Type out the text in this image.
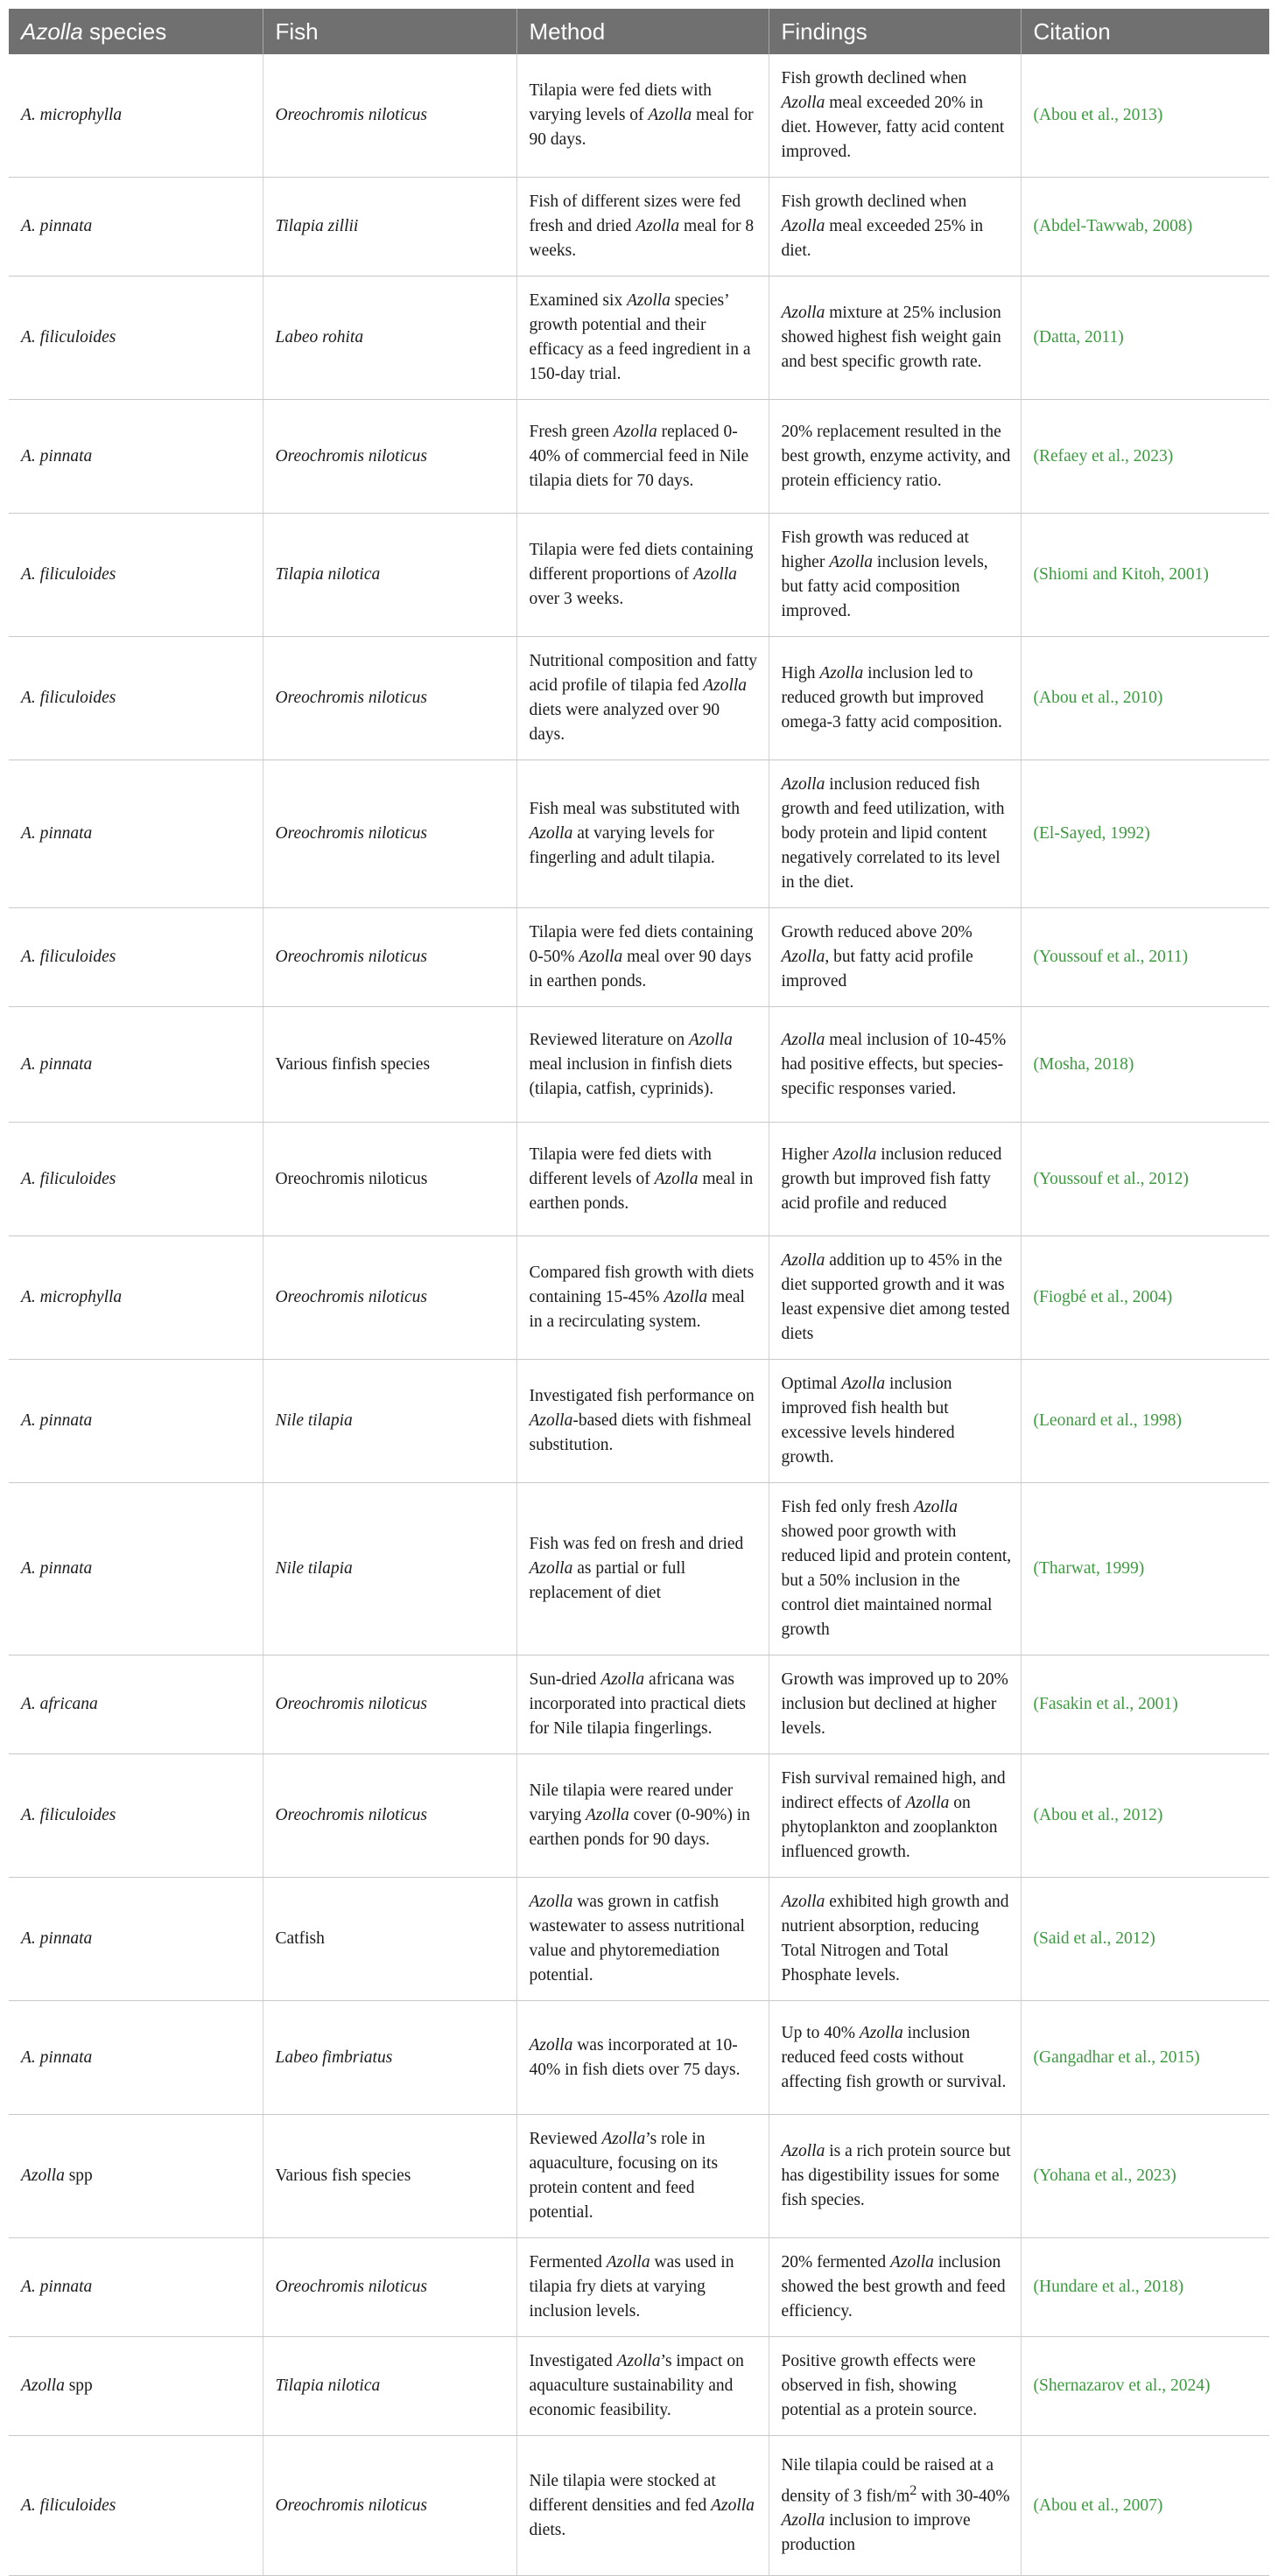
Azolla species	Fish	Method	Findings	Citation
A. microphylla	Oreochromis niloticus	Tilapia were fed diets with varying levels of Azolla meal for 90 days.	Fish growth declined when Azolla meal exceeded 20% in diet. However, fatty acid content improved.	(Abou et al., 2013)
A. pinnata	Tilapia zillii	Fish of different sizes were fed fresh and dried Azolla meal for 8 weeks.	Fish growth declined when Azolla meal exceeded 25% in diet.	(Abdel-Tawwab, 2008)
A. filiculoides	Labeo rohita	Examined six Azolla species’ growth potential and their efficacy as a feed ingredient in a 150-day trial.	Azolla mixture at 25% inclusion showed highest fish weight gain and best specific growth rate.	(Datta, 2011)
A. pinnata	Oreochromis niloticus	Fresh green Azolla replaced 0-40% of commercial feed in Nile tilapia diets for 70 days.	20% replacement resulted in the best growth, enzyme activity, and protein efficiency ratio.	(Refaey et al., 2023)
A. filiculoides	Tilapia nilotica	Tilapia were fed diets containing different proportions of Azolla over 3 weeks.	Fish growth was reduced at higher Azolla inclusion levels, but fatty acid composition improved.	(Shiomi and Kitoh, 2001)
A. filiculoides	Oreochromis niloticus	Nutritional composition and fatty acid profile of tilapia fed Azolla diets were analyzed over 90 days.	High Azolla inclusion led to reduced growth but improved omega-3 fatty acid composition.	(Abou et al., 2010)
A. pinnata	Oreochromis niloticus	Fish meal was substituted with Azolla at varying levels for fingerling and adult tilapia.	Azolla inclusion reduced fish growth and feed utilization, with body protein and lipid content negatively correlated to its level in the diet.	(El-Sayed, 1992)
A. filiculoides	Oreochromis niloticus	Tilapia were fed diets containing 0-50% Azolla meal over 90 days in earthen ponds.	Growth reduced above 20% Azolla, but fatty acid profile improved	(Youssouf et al., 2011)
A. pinnata	Various finfish species	Reviewed literature on Azolla meal inclusion in finfish diets (tilapia, catfish, cyprinids).	Azolla meal inclusion of 10-45% had positive effects, but species-specific responses varied.	(Mosha, 2018)
A. filiculoides	Oreochromis niloticus	Tilapia were fed diets with different levels of Azolla meal in earthen ponds.	Higher Azolla inclusion reduced growth but improved fish fatty acid profile and reduced	(Youssouf et al., 2012)
A. microphylla	Oreochromis niloticus	Compared fish growth with diets containing 15-45% Azolla meal in a recirculating system.	Azolla addition up to 45% in the diet supported growth and it was least expensive diet among tested diets	(Fiogbé et al., 2004)
A. pinnata	Nile tilapia	Investigated fish performance on Azolla-based diets with fishmeal substitution.	Optimal Azolla inclusion improved fish health but excessive levels hindered growth.	(Leonard et al., 1998)
A. pinnata	Nile tilapia	Fish was fed on fresh and dried Azolla as partial or full replacement of diet	Fish fed only fresh Azolla showed poor growth with reduced lipid and protein content, but a 50% inclusion in the control diet maintained normal growth	(Tharwat, 1999)
A. africana	Oreochromis niloticus	Sun-dried Azolla africana was incorporated into practical diets for Nile tilapia fingerlings.	Growth was improved up to 20% inclusion but declined at higher levels.	(Fasakin et al., 2001)
A. filiculoides	Oreochromis niloticus	Nile tilapia were reared under varying Azolla cover (0-90%) in earthen ponds for 90 days.	Fish survival remained high, and indirect effects of Azolla on phytoplankton and zooplankton influenced growth.	(Abou et al., 2012)
A. pinnata	Catfish	Azolla was grown in catfish wastewater to assess nutritional value and phytoremediation potential.	Azolla exhibited high growth and nutrient absorption, reducing Total Nitrogen and Total Phosphate levels.	(Said et al., 2012)
A. pinnata	Labeo fimbriatus	Azolla was incorporated at 10-40% in fish diets over 75 days.	Up to 40% Azolla inclusion reduced feed costs without affecting fish growth or survival.	(Gangadhar et al., 2015)
Azolla spp	Various fish species	Reviewed Azolla’s role in aquaculture, focusing on its protein content and feed potential.	Azolla is a rich protein source but has digestibility issues for some fish species.	(Yohana et al., 2023)
A. pinnata	Oreochromis niloticus	Fermented Azolla was used in tilapia fry diets at varying inclusion levels.	20% fermented Azolla inclusion showed the best growth and feed efficiency.	(Hundare et al., 2018)
Azolla spp	Tilapia nilotica	Investigated Azolla’s impact on aquaculture sustainability and economic feasibility.	Positive growth effects were observed in fish, showing potential as a protein source.	(Shernazarov et al., 2024)
A. filiculoides	Oreochromis niloticus	Nile tilapia were stocked at different densities and fed Azolla diets.	Nile tilapia could be raised at a density of 3 fish/$m^2$ with 30-40% Azolla inclusion to improve production	(Abou et al., 2007)
